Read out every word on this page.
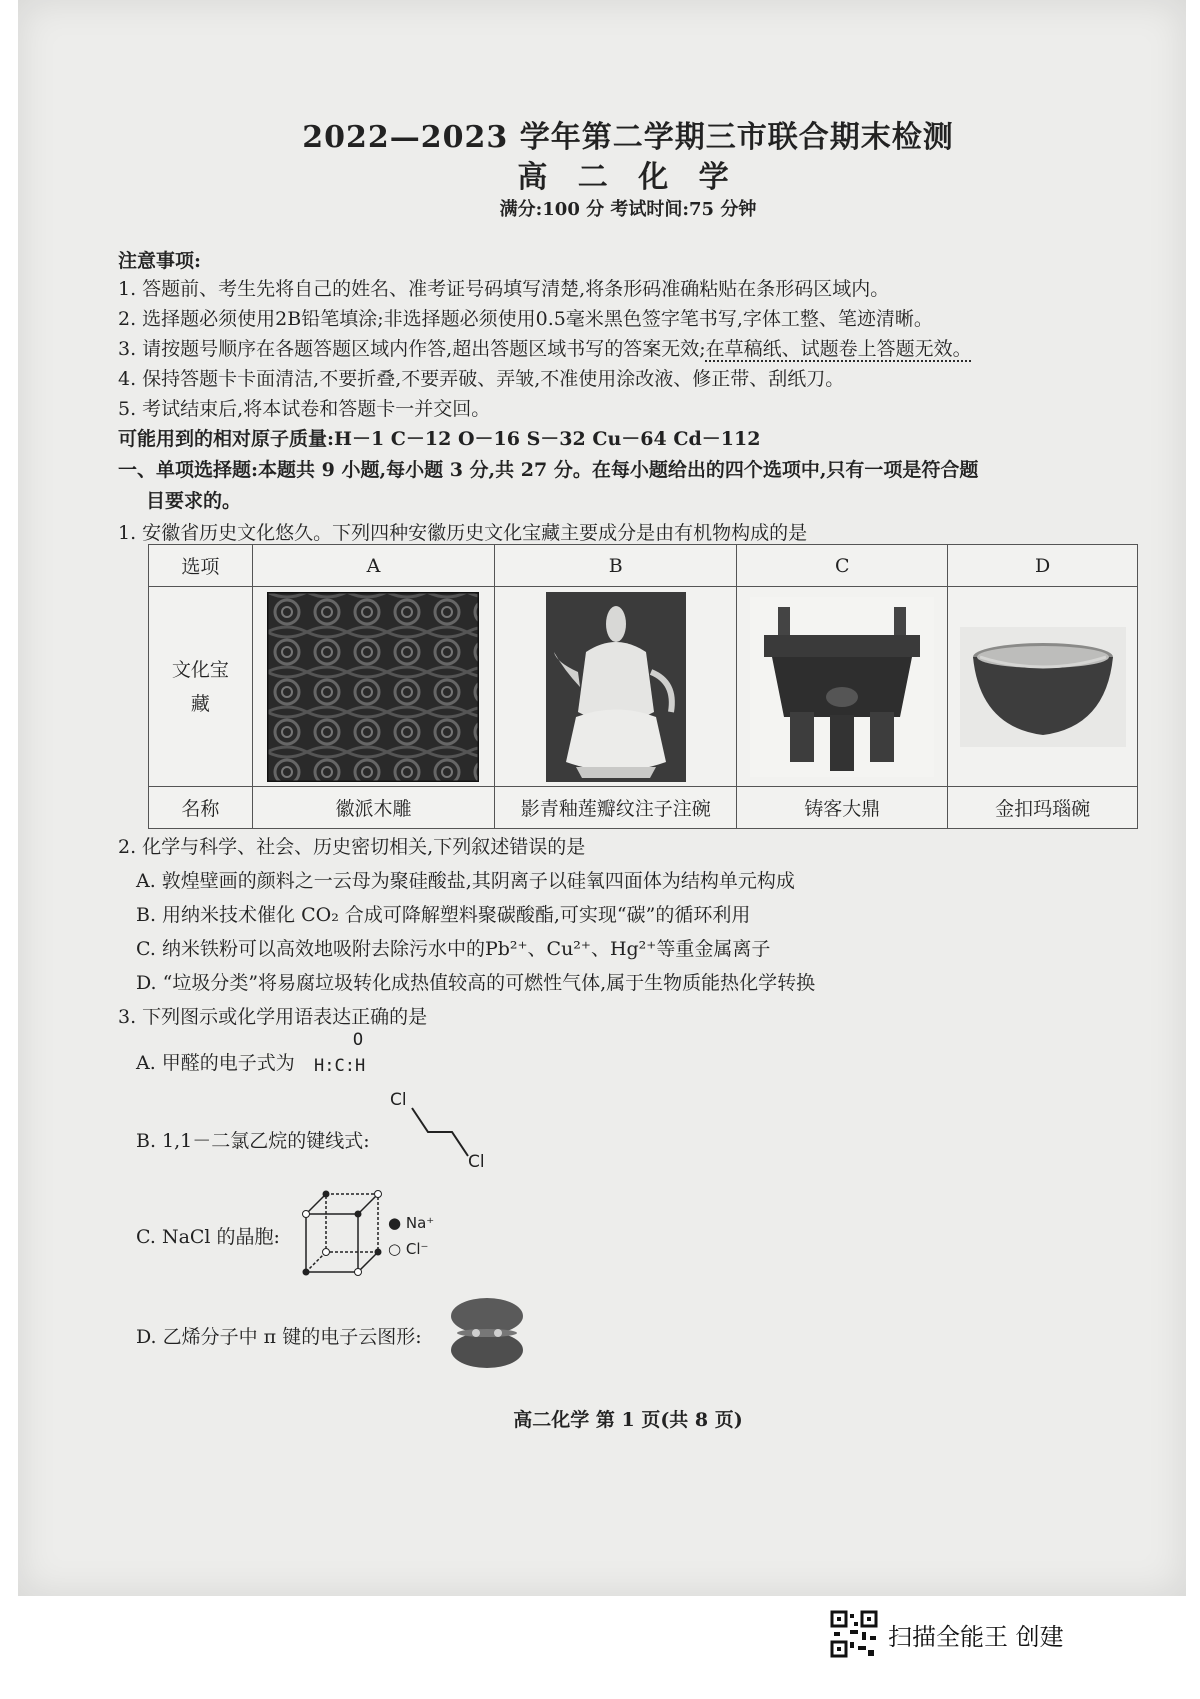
2022—2023 学年第二学期三市联合期末检测
高 二 化 学
满分:100 分 考试时间:75 分钟
注意事项:
1. 答题前、考生先将自己的姓名、准考证号码填写清楚,将条形码准确粘贴在条形码区域内。
2. 选择题必须使用2B铅笔填涂;非选择题必须使用0.5毫米黑色签字笔书写,字体工整、笔迹清晰。
3. 请按题号顺序在各题答题区域内作答,超出答题区域书写的答案无效;在草稿纸、试题卷上答题无效。
4. 保持答题卡卡面清洁,不要折叠,不要弄破、弄皱,不准使用涂改液、修正带、刮纸刀。
5. 考试结束后,将本试卷和答题卡一并交回。
可能用到的相对原子质量:H－1 C－12 O－16 S－32 Cu－64 Cd－112
一、单项选择题:本题共 9 小题,每小题 3 分,共 27 分。在每小题给出的四个选项中,只有一项是符合题
目要求的。
1. 安徽省历史文化悠久。下列四种安徽历史文化宝藏主要成分是由有机物构成的是
选项	A	B	C	D
文化宝藏	

名称	徽派木雕	影青釉莲瓣纹注子注碗	铸客大鼎	金扣玛瑙碗
2. 化学与科学、社会、历史密切相关,下列叙述错误的是
A. 敦煌壁画的颜料之一云母为聚硅酸盐,其阴离子以硅氧四面体为结构单元构成
B. 用纳米技术催化 CO₂ 合成可降解塑料聚碳酸酯,可实现“碳”的循环利用
C. 纳米铁粉可以高效地吸附去除污水中的Pb²⁺、Cu²⁺、Hg²⁺等重金属离子
D. “垃圾分类”将易腐垃圾转化成热值较高的可燃性气体,属于生物质能热化学转换
3. 下列图示或化学用语表达正确的是
A. 甲醛的电子式为
O
H:C:H
B. 1,1－二氯乙烷的键线式:
Cl
Cl
C. NaCl 的晶胞:
● Na⁺
○ Cl⁻
D. 乙烯分子中 π 键的电子云图形:
高二化学 第 1 页(共 8 页)
扫描全能王 创建
